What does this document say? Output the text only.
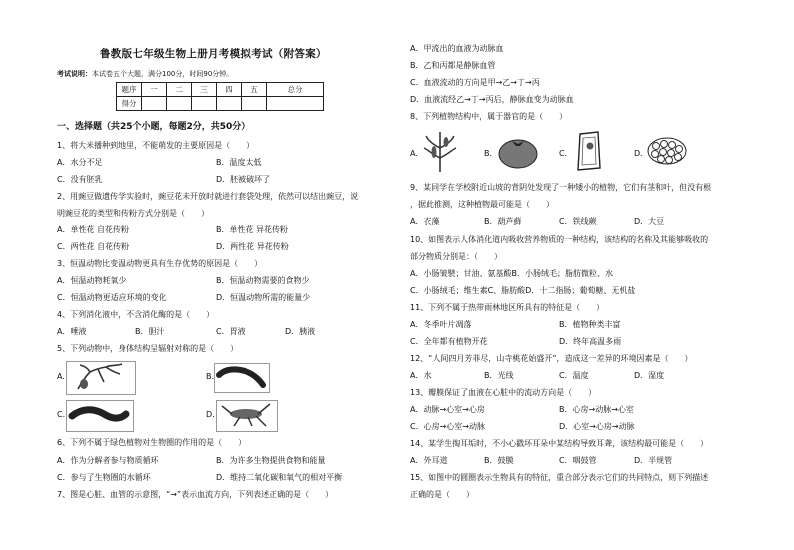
鲁教版七年级生物上册月考模拟考试（附答案）
考试说明：本试卷五个大题，满分100分，时间90分钟。
题序	一	二	三	四	五	总分
得分						
一、选择题（共25个小题，每题2分，共50分）
1、将大米播种到地里，不能萌发的主要原因是（　　）
A．水分不足	B．温度太低
C．没有胚乳	D．胚被破坏了
2、用豌豆做遗传学实验时，豌豆花未开放时就进行套袋处理，依然可以结出豌豆，说
明豌豆花的类型和传粉方式分别是（　　）
A．单性花 自花传粉	B．单性花 异花传粉
C．两性花 自花传粉	D．两性花 异花传粉
3、恒温动物比变温动物更具有生存优势的原因是（　　）
A．恒温动物耗氧少	B．恒温动物需要的食物少
C．恒温动物更适应环境的变化	D．恒温动物所需的能量少
4、下列消化液中，不含消化酶的是（　　）
A．唾液	B．胆汁	C．胃液	D．胰液
5、下列动物中，身体结构呈辐射对称的是（　　）
A.	B.
C.	D.
6、下列不属于绿色植物对生物圈的作用的是（　　）
A．作为分解者参与物质循环	B．为许多生物提供食物和能量
C．参与了生物圈的水循环	D．维持二氧化碳和氧气的相对平衡
7、图是心脏、血管的示意图，“→”表示血流方向，下列表述正确的是（　　）
A．甲流出的血液为动脉血
B．乙和丙都是静脉血管
C．血液流动的方向是甲→乙→丁→丙
D．血液流经乙→丁→丙后，静脉血变为动脉血
8、下列植物结构中，属于器官的是（　　）
A．	B．	C．	D．
9、某同学在学校附近山坡的背阴处发现了一种矮小的植物，它们有茎和叶，但没有根
，据此推测，这种植物最可能是（　　）
A．衣藻	B．葫芦藓	C．铁线蕨	D．大豆
10、如图表示人体消化道内吸收营养物质的一种结构，该结构的名称及其能够吸收的
部分物质分别是：（　　）
A．小肠皱襞；甘油、氨基酸B．小肠绒毛；脂肪微粒、水
C．小肠绒毛；维生素C、脂肪酸D．十二指肠；葡萄糖、无机盐
11、下列不属于热带雨林地区所具有的特征是（　　）
A．冬季叶片凋落	B．植物种类丰富
C．全年都有植物开花	D．终年高温多雨
12、“人间四月芳菲尽，山寺桃花始盛开”，造成这一差异的环境因素是（　　）
A．水	B．光线	C．温度	D．湿度
13、瓣膜保证了血液在心脏中的流动方向是（　　）
A．动脉→心室→心房	B．心房→动脉→心室
C．心房→心室→动脉	D．心室→心房→动脉
14、某学生掏耳垢时，不小心戳坏耳朵中某结构导致耳聋，该结构最可能是（　　）
A．外耳道	B．鼓膜	C．咽鼓管	D．半规管
15、如图中的圆圈表示生物具有的特征，重合部分表示它们的共同特点，则下列描述
正确的是（　　）
